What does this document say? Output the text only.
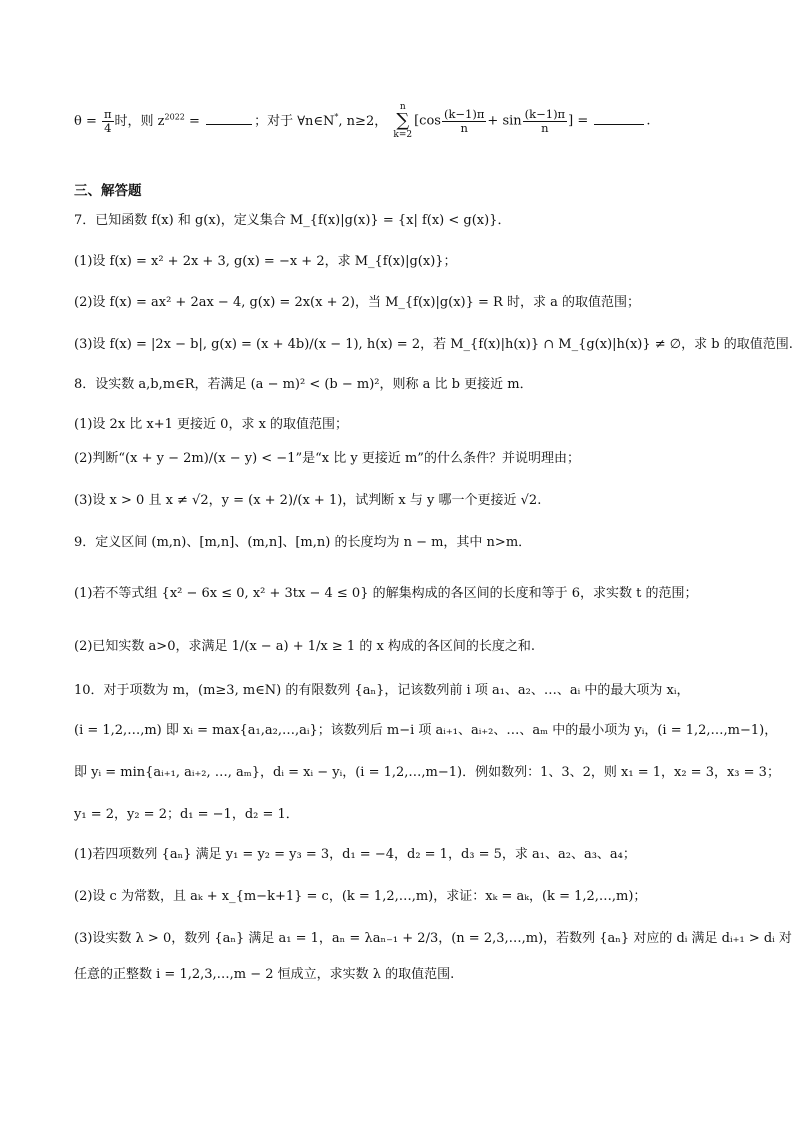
$\theta = \frac{\pi}{4}$ 时，则 $z^{2022}$ =	；对于 ∀n∈N*, n≥2，
n
∑
k=2
[$\cos \frac{(k-1)\pi}{n} + \sin \frac{(k-1)\pi}{n}$ ] =	.
三、解答题
7．已知函数 f(x) 和 g(x)，定义集合 M_{f(x)|g(x)} = {x| f(x) < g(x)}．
(1)设 f(x) = x² + 2x + 3, g(x) = −x + 2，求 M_{f(x)|g(x)}；
(2)设 f(x) = ax² + 2ax − 4, g(x) = 2x(x + 2)，当 M_{f(x)|g(x)} = R 时，求 a 的取值范围；
(3)设 f(x) = |2x − b|, g(x) = (x + 4b)/(x − 1), h(x) = 2，若 M_{f(x)|h(x)} ∩ M_{g(x)|h(x)} ≠ ∅，求 b 的取值范围.
8．设实数 a,b,m∈R，若满足 (a − m)² < (b − m)²，则称 a 比 b 更接近 m．
(1)设 2x 比 x+1 更接近 0，求 x 的取值范围；
(2)判断“(x + y − 2m)/(x − y) < −1”是“x 比 y 更接近 m”的什么条件？并说明理由；
(3)设 x > 0 且 x ≠ √2，y = (x + 2)/(x + 1)，试判断 x 与 y 哪一个更接近 √2.
9．定义区间 (m,n)、[m,n]、(m,n]、[m,n) 的长度均为 n − m，其中 n>m．
(1)若不等式组 {x² − 6x ≤ 0, x² + 3tx − 4 ≤ 0} 的解集构成的各区间的长度和等于 6，求实数 t 的范围；
(2)已知实数 a>0，求满足 1/(x − a) + 1/x ≥ 1 的 x 构成的各区间的长度之和.
10．对于项数为 m，(m≥3, m∈N) 的有限数列 {aₙ}，记该数列前 i 项 a₁、a₂、…、aᵢ 中的最大项为 xᵢ，
(i = 1,2,…,m) 即 xᵢ = max{a₁,a₂,…,aᵢ}；该数列后 m−i 项 aᵢ₊₁、aᵢ₊₂、…、aₘ 中的最小项为 yᵢ，(i = 1,2,…,m−1)，
即 yᵢ = min{aᵢ₊₁, aᵢ₊₂, …, aₘ}，dᵢ = xᵢ − yᵢ，(i = 1,2,…,m−1)．例如数列：1、3、2，则 x₁ = 1，x₂ = 3，x₃ = 3；
y₁ = 2，y₂ = 2；d₁ = −1，d₂ = 1．
(1)若四项数列 {aₙ} 满足 y₁ = y₂ = y₃ = 3，d₁ = −4，d₂ = 1，d₃ = 5，求 a₁、a₂、a₃、a₄；
(2)设 c 为常数，且 aₖ + x_{m−k+1} = c，(k = 1,2,…,m)，求证：xₖ = aₖ，(k = 1,2,…,m)；
(3)设实数 λ > 0，数列 {aₙ} 满足 a₁ = 1，aₙ = λaₙ₋₁ + 2/3，(n = 2,3,…,m)，若数列 {aₙ} 对应的 dᵢ 满足 dᵢ₊₁ > dᵢ 对
任意的正整数 i = 1,2,3,…,m − 2 恒成立，求实数 λ 的取值范围.
